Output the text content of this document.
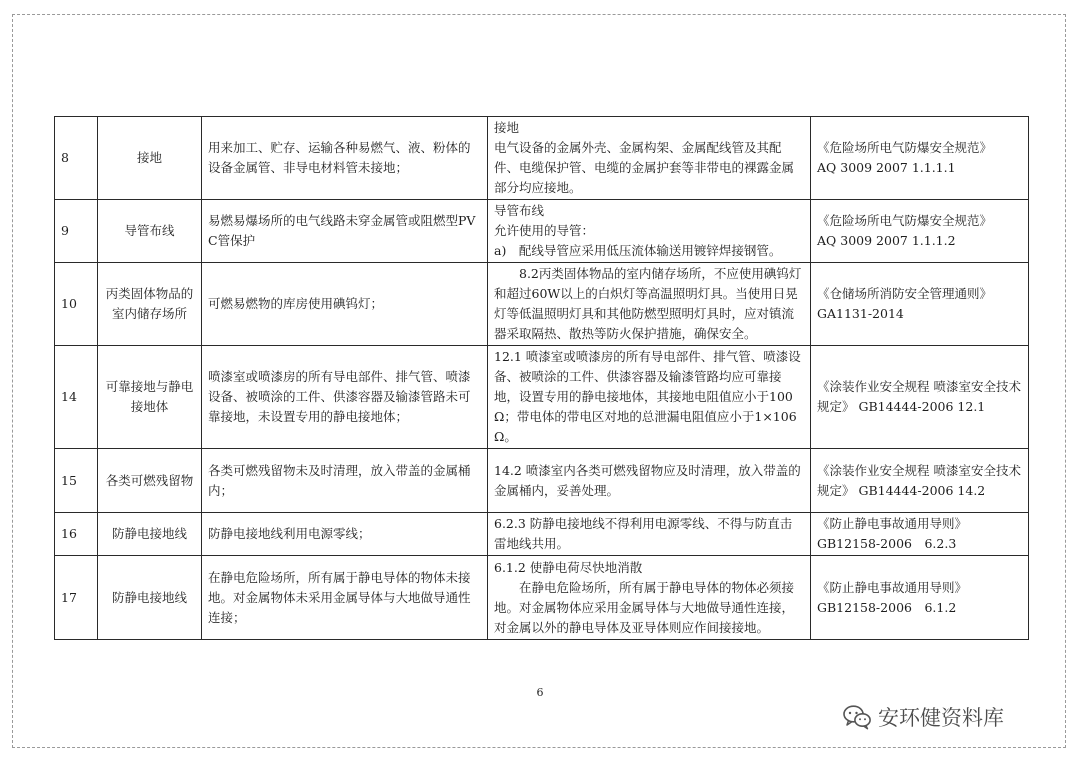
8	接地	用来加工、贮存、运输各种易燃气、液、粉体的设备金属管、非导电材料管未接地；	接地
电气设备的金属外壳、金属构架、金属配线管及其配件、电缆保护管、电缆的金属护套等非带电的裸露金属部分均应接地。	《危险场所电气防爆安全规范》
AQ 3009 2007 1.1.1.1

9	导管布线	易燃易爆场所的电气线路未穿金属管或阻燃型PVC管保护	导管布线
允许使用的导管：
a)　配线导管应采用低压流体输送用镀锌焊接钢管。	《危险场所电气防爆安全规范》
AQ 3009 2007 1.1.1.2

10	丙类固体物品的室内储存场所	可燃易燃物的库房使用碘钨灯；	8.2丙类固体物品的室内储存场所，不应使用碘钨灯和超过60W以上的白炽灯等高温照明灯具。当使用日晃灯等低温照明灯具和其他防燃型照明灯具时，应对镇流器采取隔热、散热等防火保护措施，确保安全。	《仓储场所消防安全管理通则》
GA1131-2014

14	可靠接地与静电接地体	喷漆室或喷漆房的所有导电部件、排气管、喷漆设备、被喷涂的工件、供漆容器及输漆管路未可靠接地，未设置专用的静电接地体；	12.1 喷漆室或喷漆房的所有导电部件、排气管、喷漆设备、被喷涂的工件、供漆容器及输漆管路均应可靠接地，设置专用的静电接地体，其接地电阻值应小于100Ω；带电体的带电区对地的总泄漏电阻值应小于1×106Ω。	《涂装作业安全规程 喷漆室安全技术规定》 GB14444-2006 12.1

15	各类可燃残留物	各类可燃残留物未及时清理，放入带盖的金属桶内；	14.2 喷漆室内各类可燃残留物应及时清理，放入带盖的金属桶内，妥善处理。	《涂装作业安全规程 喷漆室安全技术规定》 GB14444-2006 14.2

16	防静电接地线	防静电接地线利用电源零线；	6.2.3 防静电接地线不得利用电源零线、不得与防直击雷地线共用。	《防止静电事故通用导则》
GB12158-2006　6.2.3

17	防静电接地线	在静电危险场所，所有属于静电导体的物体未接地。对金属物体未采用金属导体与大地做导通性连接；	6.1.2 使静电荷尽快地消散
在静电危险场所，所有属于静电导体的物体必须接地。对金属物体应采用金属导体与大地做导通性连接，对金属以外的静电导体及亚导体则应作间接接地。	《防止静电事故通用导则》
GB12158-2006　6.1.2
6
安环健资料库
